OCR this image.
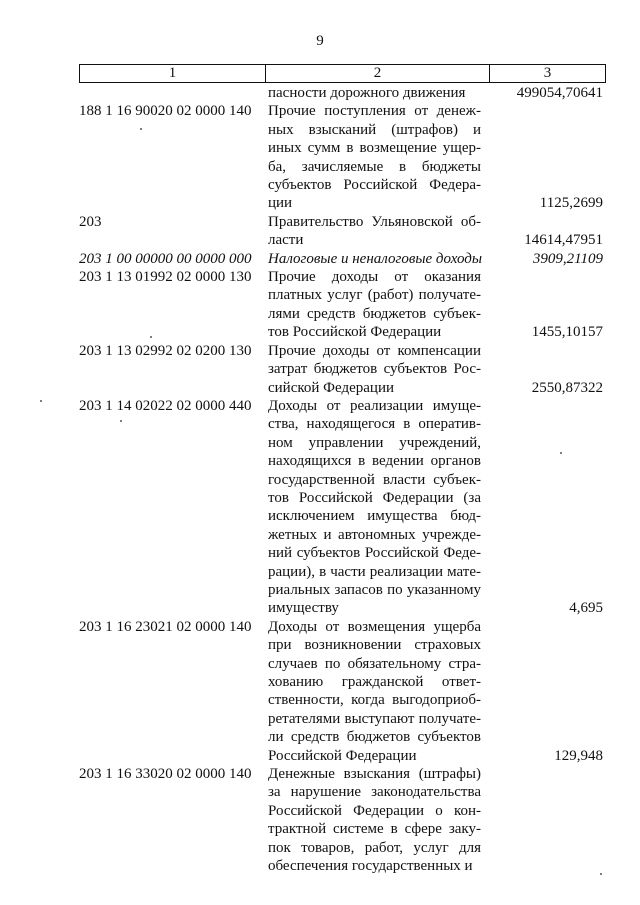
9
1	2	3
пасности дорожного движения	499054,70641
188 1 16 90020 02 0000 140	Прочие поступления от денеж-
ных взысканий (штрафов) и
иных сумм в возмещение ущер-
ба, зачисляемые в бюджеты
субъектов Российской Федера-
ции	1125,2699
203	Правительство Ульяновской об-
ласти	14614,47951
203 1 00 00000 00 0000 000	Налоговые и неналоговые доходы	3909,21109
203 1 13 01992 02 0000 130	Прочие доходы от оказания
платных услуг (работ) получате-
лями средств бюджетов субъек-
тов Российской Федерации	1455,10157
203 1 13 02992 02 0200 130	Прочие доходы от компенсации
затрат бюджетов субъектов Рос-
сийской Федерации	2550,87322
203 1 14 02022 02 0000 440	Доходы от реализации имуще-
ства, находящегося в оператив-
ном управлении учреждений,
находящихся в ведении органов
государственной власти субъек-
тов Российской Федерации (за
исключением имущества бюд-
жетных и автономных учрежде-
ний субъектов Российской Феде-
рации), в части реализации мате-
риальных запасов по указанному
имуществу	4,695
203 1 16 23021 02 0000 140	Доходы от возмещения ущерба
при возникновении страховых
случаев по обязательному стра-
хованию гражданской ответ-
ственности, когда выгодоприоб-
ретателями выступают получате-
ли средств бюджетов субъектов
Российской Федерации	129,948
203 1 16 33020 02 0000 140	Денежные взыскания (штрафы)
за нарушение законодательства
Российской Федерации о кон-
трактной системе в сфере заку-
пок товаров, работ, услуг для
обеспечения государственных и
